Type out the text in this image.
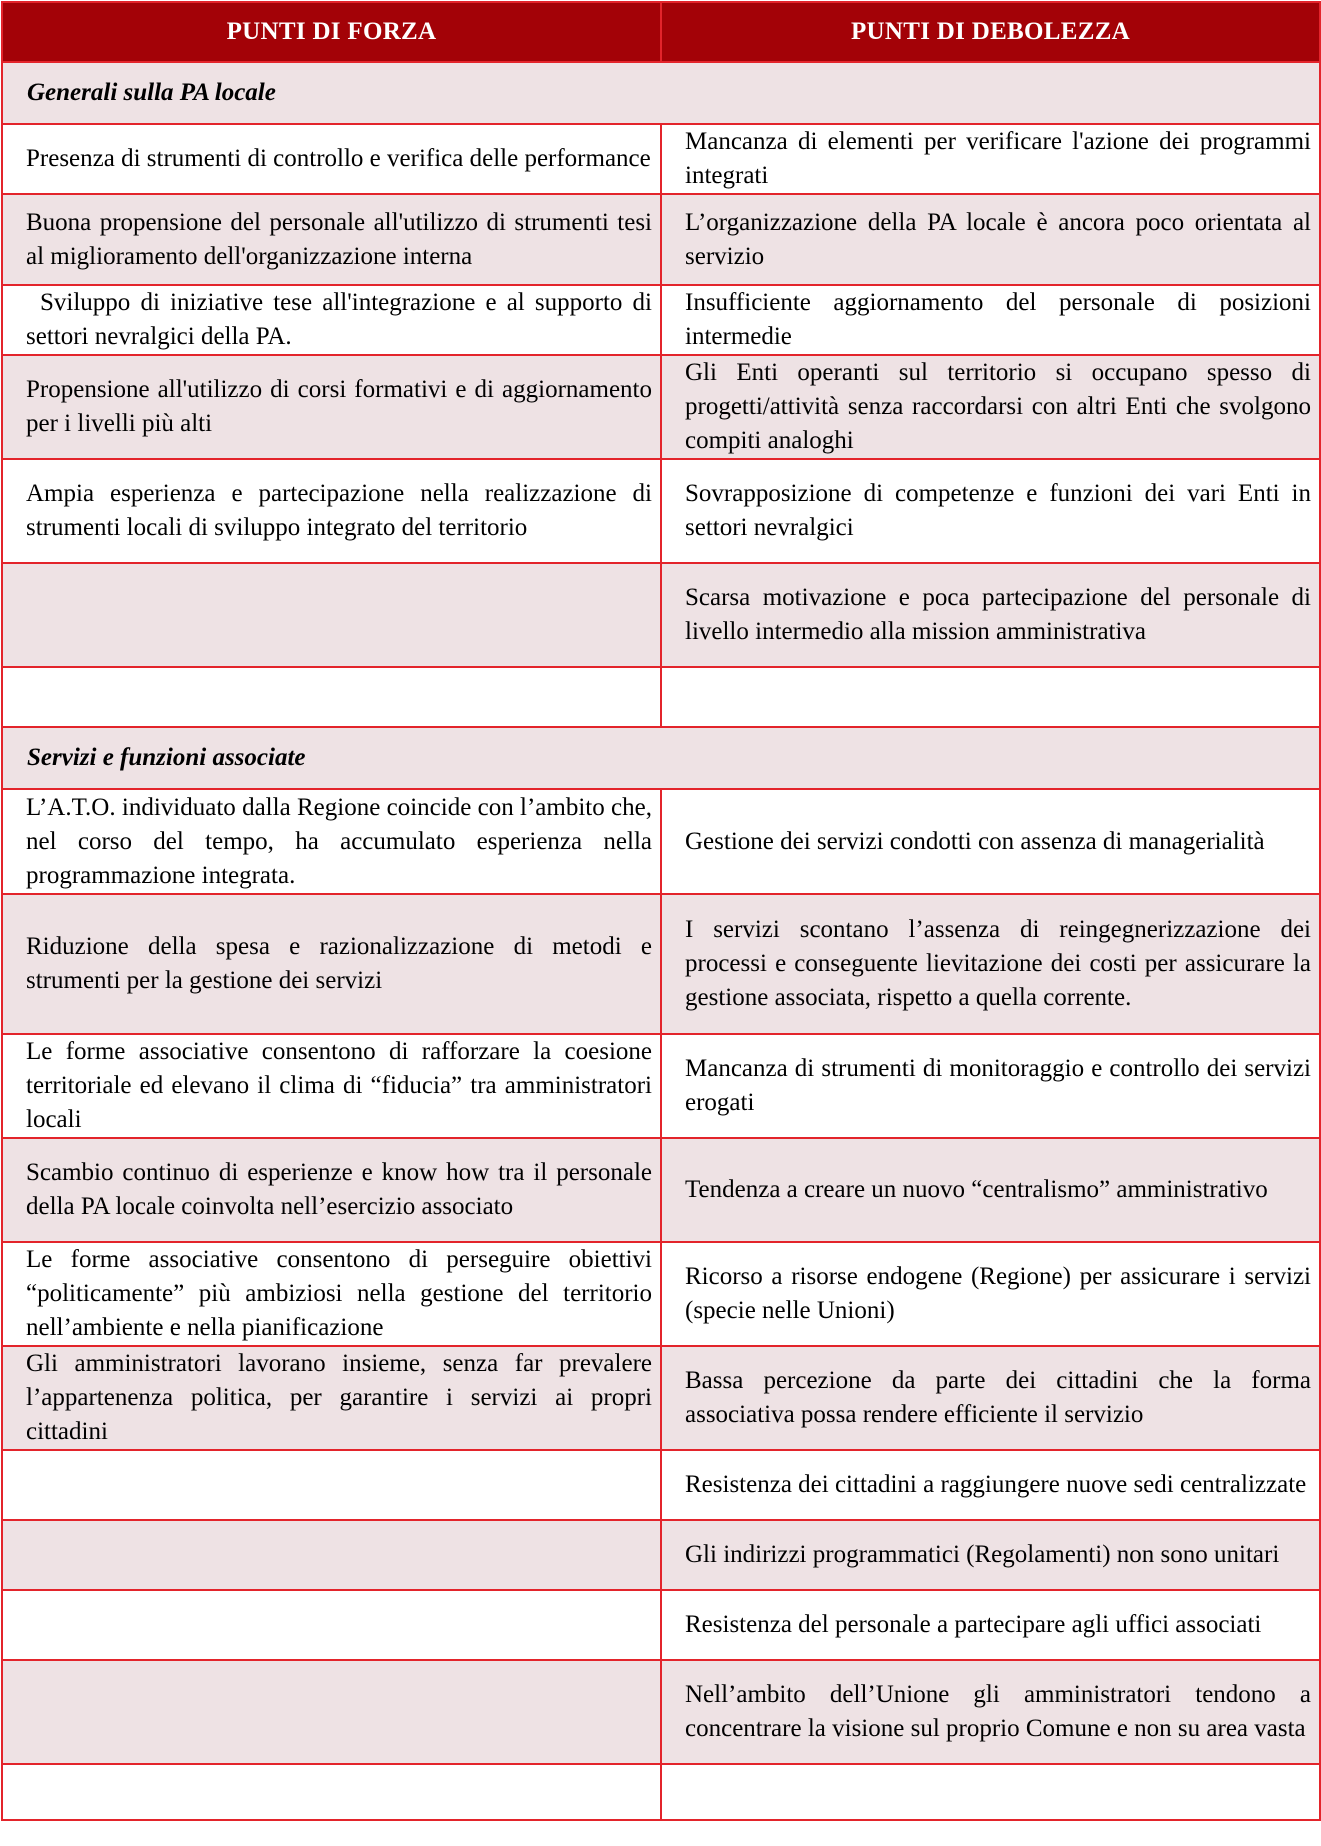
PUNTI DI FORZA	PUNTI DI DEBOLEZZA
Generali sulla PA locale	
Presenza di strumenti di controllo e verifica delle performance	Mancanza di elementi per verificare l'azione dei programmi integrati
Buona propensione del personale all'utilizzo di strumenti tesi al miglioramento dell'organizzazione interna	L’organizzazione della PA locale è ancora poco orientata al servizio
Sviluppo di iniziative tese all'integrazione e al supporto di settori nevralgici della PA.	Insufficiente aggiornamento del personale di posizioni intermedie
Propensione all'utilizzo di corsi formativi e di aggiornamento per i livelli più alti	Gli Enti operanti sul territorio si occupano spesso di progetti/attività senza raccordarsi con altri Enti che svolgono compiti analoghi
Ampia esperienza e partecipazione nella realizzazione di strumenti locali di sviluppo integrato del territorio	Sovrapposizione di competenze e funzioni dei vari Enti in settori nevralgici
	Scarsa motivazione e poca partecipazione del personale di livello intermedio alla mission amministrativa

Servizi e funzioni associate	
L’A.T.O. individuato dalla Regione coincide con l’ambito che, nel corso del tempo, ha accumulato esperienza nella programmazione integrata.	Gestione dei servizi condotti con assenza di managerialità
Riduzione della spesa e razionalizzazione di metodi e strumenti per la gestione dei servizi	I servizi scontano l’assenza di reingegnerizzazione dei processi e conseguente lievitazione dei costi per assicurare la gestione associata, rispetto a quella corrente.
Le forme associative consentono di rafforzare la coesione territoriale ed elevano il clima di “fiducia” tra amministratori locali	Mancanza di strumenti di monitoraggio e controllo dei servizi erogati
Scambio continuo di esperienze e know how tra il personale della PA locale coinvolta nell’esercizio associato	Tendenza a creare un nuovo “centralismo” amministrativo
Le forme associative consentono di perseguire obiettivi “politicamente” più ambiziosi nella gestione del territorio nell’ambiente e nella pianificazione	Ricorso a risorse endogene (Regione) per assicurare i servizi (specie nelle Unioni)
Gli amministratori lavorano insieme, senza far prevalere l’appartenenza politica, per garantire i servizi ai propri cittadini	Bassa percezione da parte dei cittadini che la forma associativa possa rendere efficiente il servizio
	Resistenza dei cittadini a raggiungere nuove sedi centralizzate
	Gli indirizzi programmatici (Regolamenti) non sono unitari
	Resistenza del personale a partecipare agli uffici associati
	Nell’ambito dell’Unione gli amministratori tendono a concentrare la visione sul proprio Comune e non su area vasta
